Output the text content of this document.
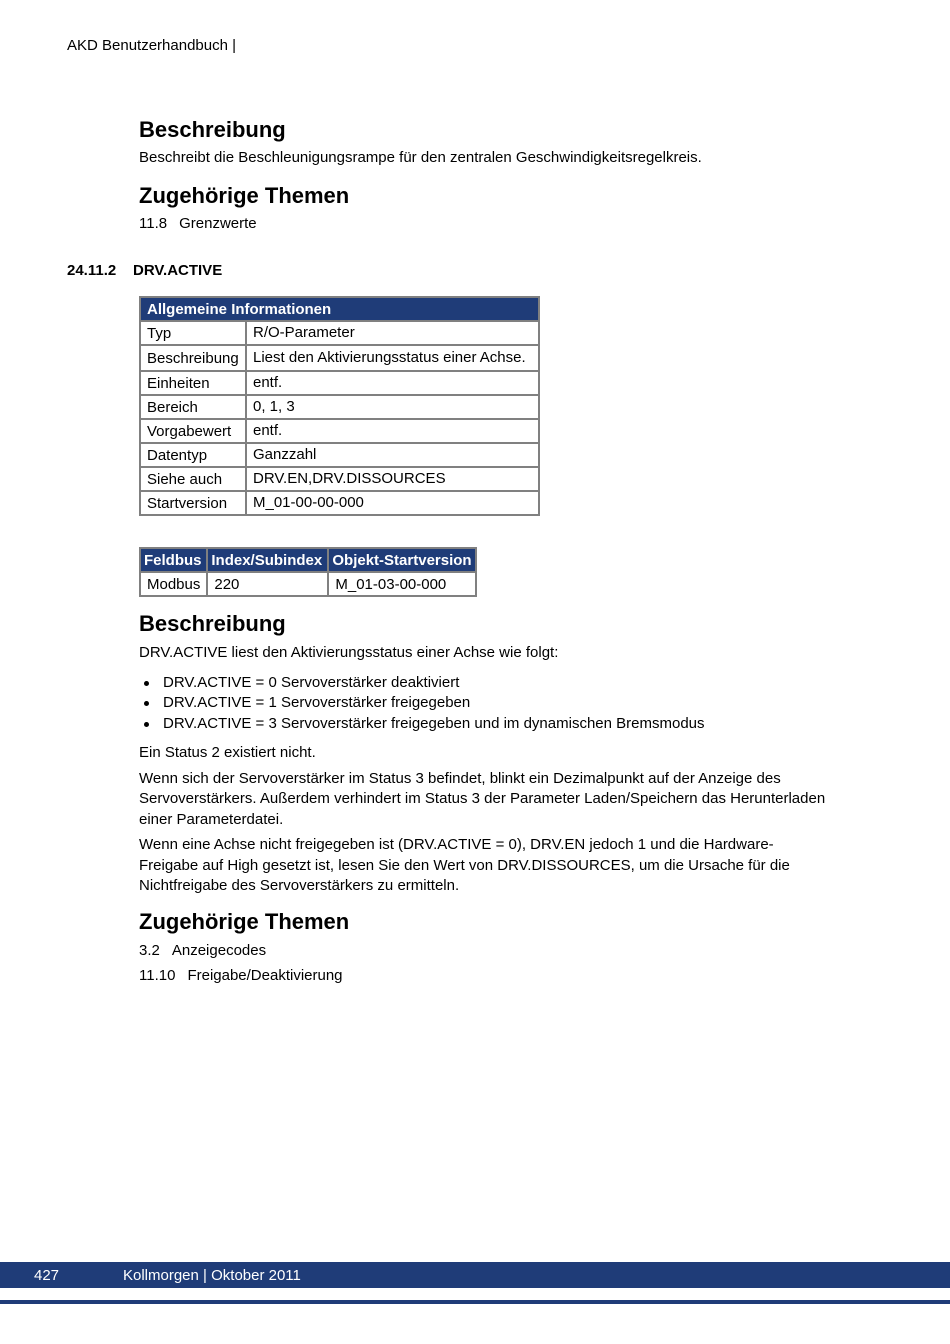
AKD Benutzerhandbuch |
Beschreibung

Beschreibt die Beschleunigungsrampe für den zentralen Geschwindigkeitsregelkreis.

Zugehörige Themen
11.8 Grenzwerte
24.11.2 DRV.ACTIVE
Allgemeine Informationen	
Typ	R/O-Parameter
Beschreibung	Liest den Aktivierungsstatus einer Achse.
Einheiten	entf.
Bereich	0, 1, 3
Vorgabewert	entf.
Datentyp	Ganzzahl
Siehe auch	DRV.EN,DRV.DISSOURCES
Startversion	M_01-00-00-000
Feldbus	Index/Subindex	Objekt-Startversion
Modbus	220	M_01-03-00-000
Beschreibung

DRV.ACTIVE liest den Aktivierungsstatus einer Achse wie folgt:

DRV.ACTIVE = 0 Servoverstärker deaktiviert
DRV.ACTIVE = 1 Servoverstärker freigegeben
DRV.ACTIVE = 3 Servoverstärker freigegeben und im dynamischen Bremsmodus

Ein Status 2 existiert nicht.

Wenn sich der Servoverstärker im Status 3 befindet, blinkt ein Dezimalpunkt auf der Anzeige des Servoverstärkers. Außerdem verhindert im Status 3 der Parameter Laden/Speichern das Herunterladen einer Parameterdatei.

Wenn eine Achse nicht freigegeben ist (DRV.ACTIVE = 0), DRV.EN jedoch 1 und die Hardware-Freigabe auf High gesetzt ist, lesen Sie den Wert von DRV.DISSOURCES, um die Ursache für die Nichtfreigabe des Servoverstärkers zu ermitteln.

Zugehörige Themen
3.2 Anzeigecodes
11.10 Freigabe/Deaktivierung
427	Kollmorgen | Oktober 2011
